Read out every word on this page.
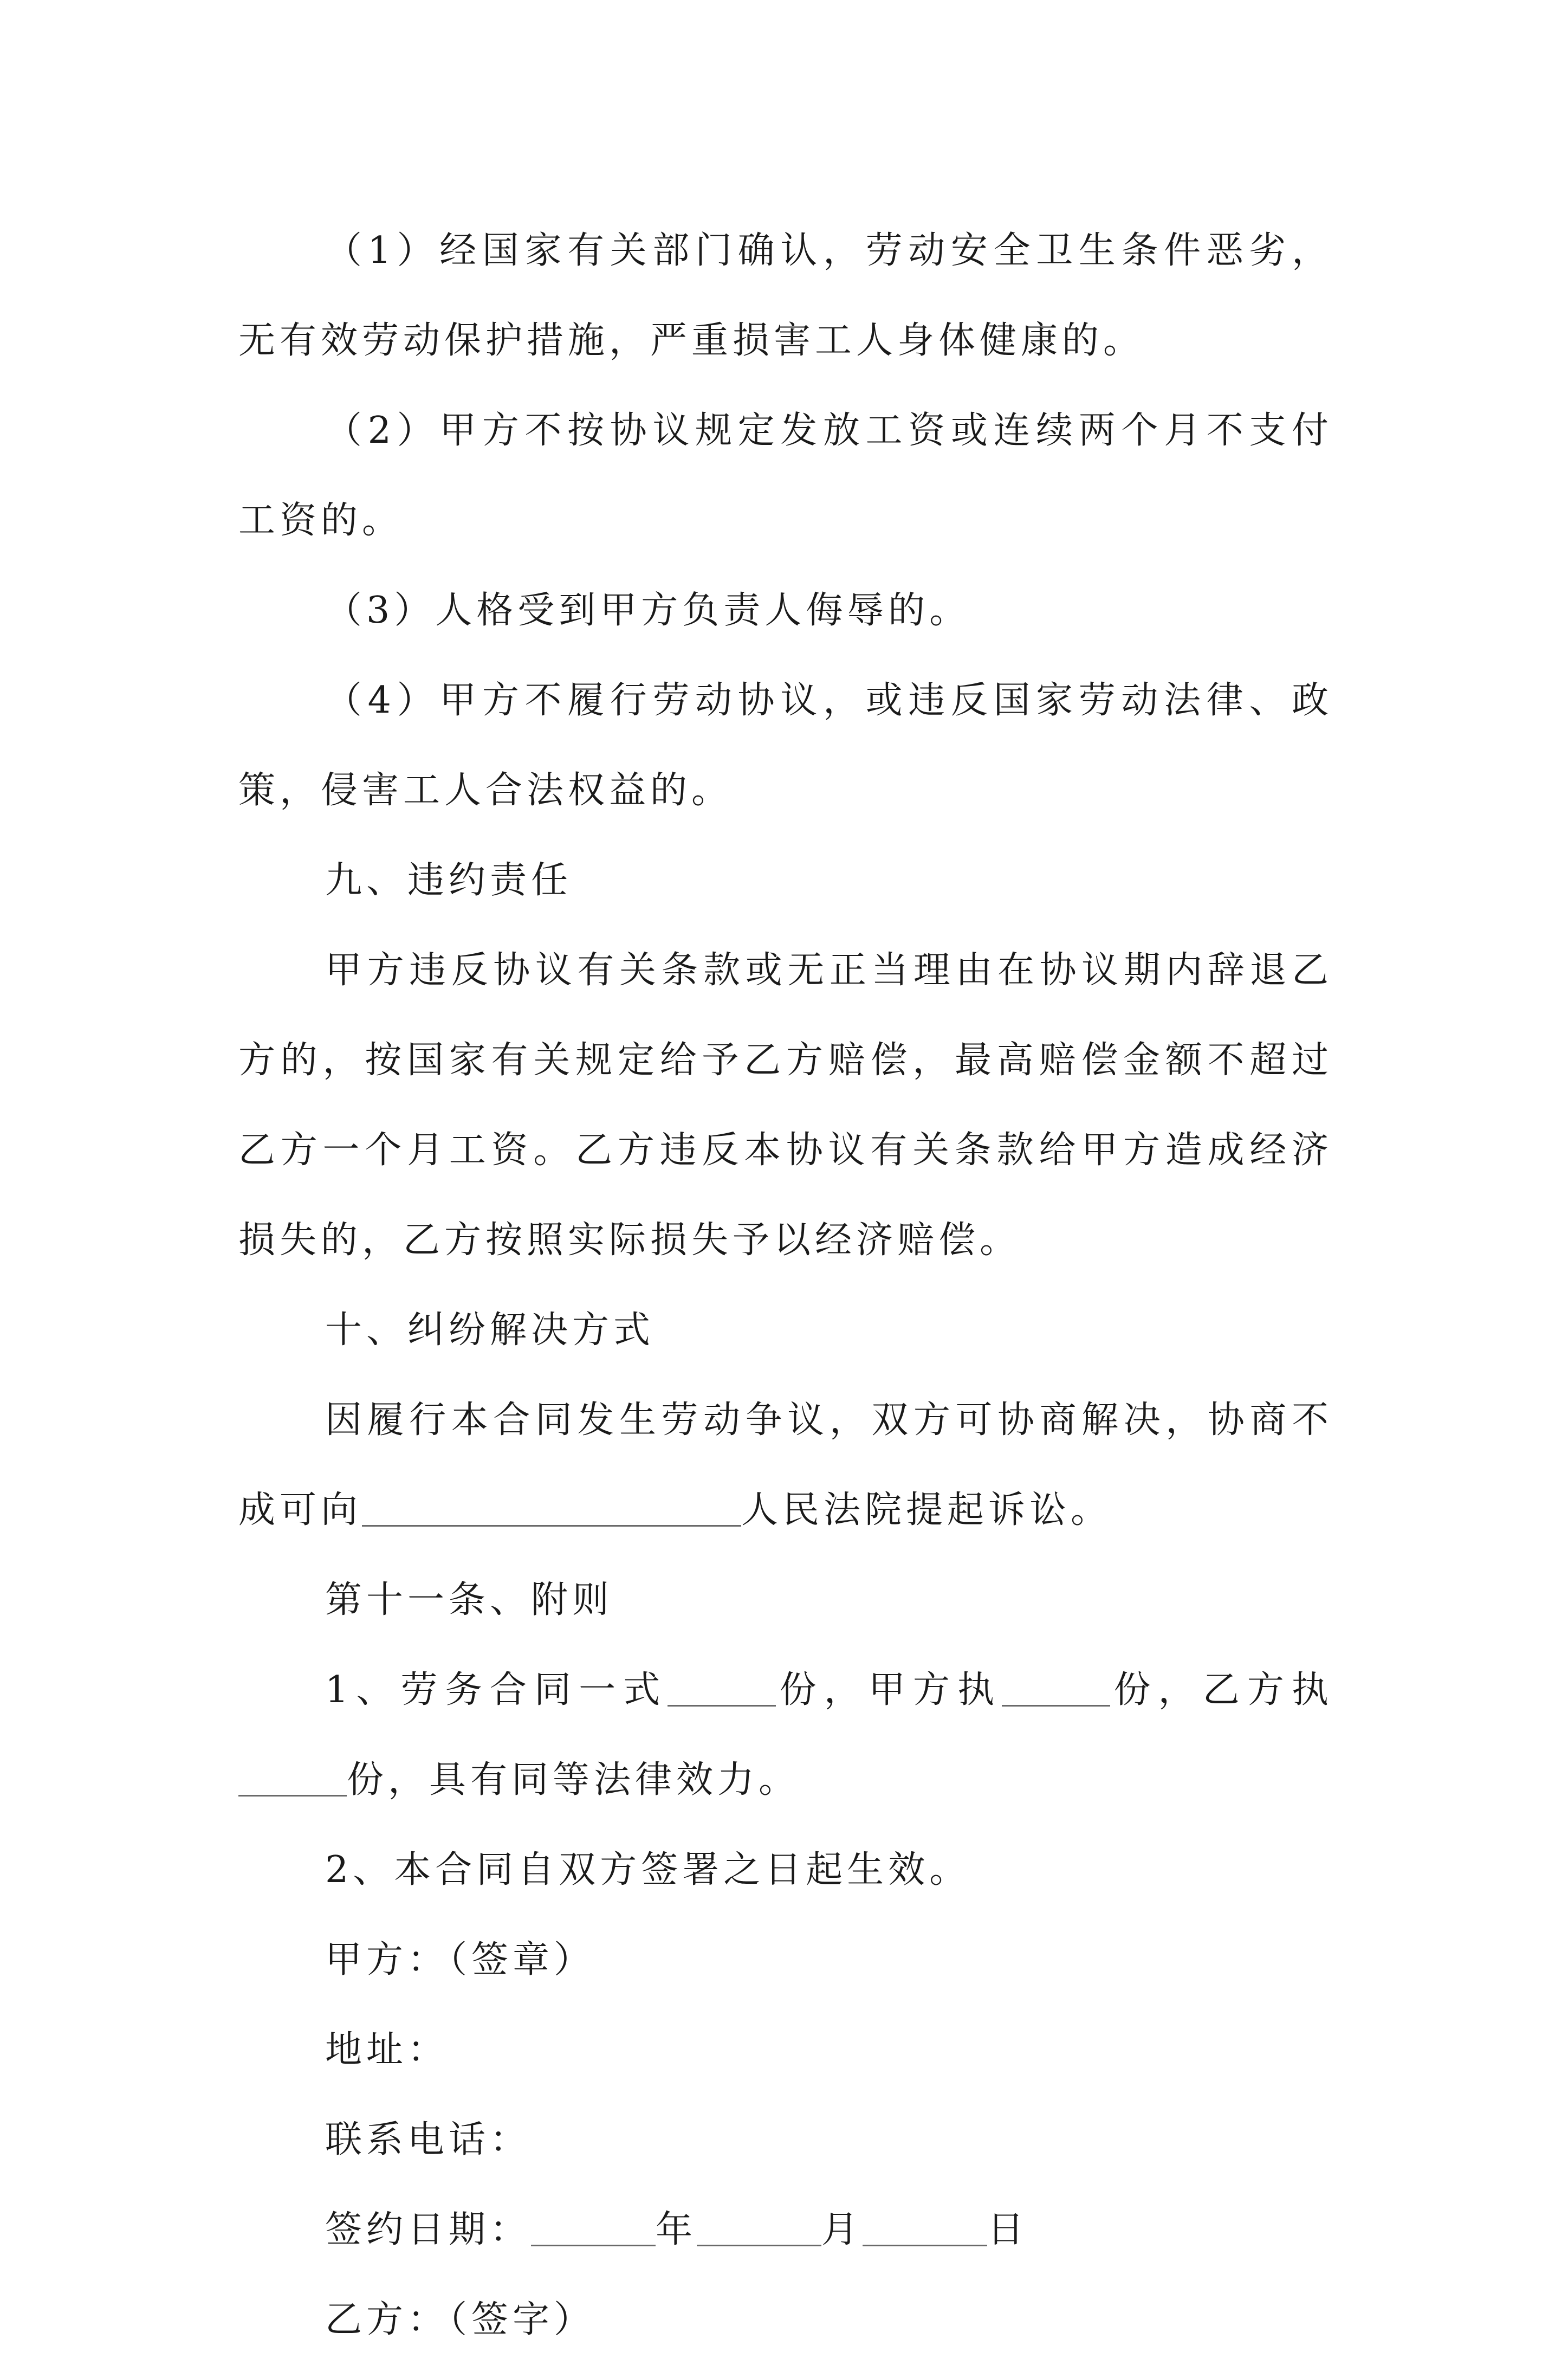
（1）经国家有关部门确认，劳动安全卫生条件恶劣，无有效劳动保护措施，严重损害工人身体健康的。

（2）甲方不按协议规定发放工资或连续两个月不支付工资的。

（3）人格受到甲方负责人侮辱的。

（4）甲方不履行劳动协议，或违反国家劳动法律、政策，侵害工人合法权益的。

九、违约责任

甲方违反协议有关条款或无正当理由在协议期内辞退乙方的，按国家有关规定给予乙方赔偿，最高赔偿金额不超过乙方一个月工资。乙方违反本协议有关条款给甲方造成经济损失的，乙方按照实际损失予以经济赔偿。

十、纠纷解决方式

因履行本合同发生劳动争议，双方可协商解决，协商不成可向	人民法院提起诉讼。

第十一条、附则

1、劳务合同一式	份，甲方执	份，乙方执份，具有同等法律效力。

2、本合同自双方签署之日起生效。

甲方：（签章）

地址：

联系电话：

签约日期：	年	月	日

乙方：（签字）
